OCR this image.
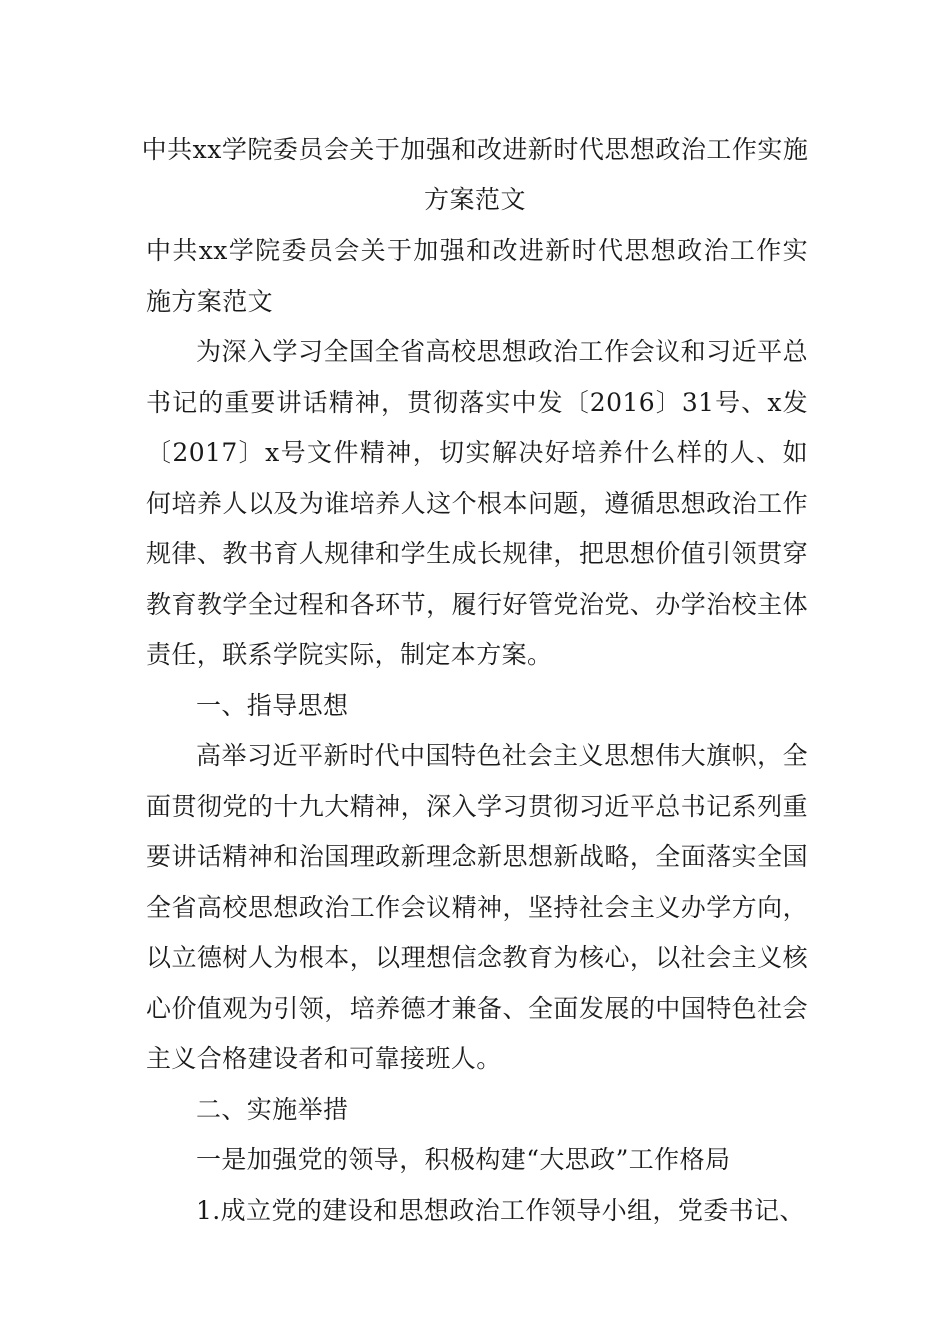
中共xx学院委员会关于加强和改进新时代思想政治工作实施方案范文

中共xx学院委员会关于加强和改进新时代思想政治工作实施方案范文

为深入学习全国全省高校思想政治工作会议和习近平总书记的重要讲话精神，贯彻落实中发〔2016〕31号、x发〔2017〕x号文件精神，切实解决好培养什么样的人、如何培养人以及为谁培养人这个根本问题，遵循思想政治工作规律、教书育人规律和学生成长规律，把思想价值引领贯穿教育教学全过程和各环节，履行好管党治党、办学治校主体责任，联系学院实际，制定本方案。

一、指导思想

高举习近平新时代中国特色社会主义思想伟大旗帜，全面贯彻党的十九大精神，深入学习贯彻习近平总书记系列重要讲话精神和治国理政新理念新思想新战略，全面落实全国全省高校思想政治工作会议精神，坚持社会主义办学方向，以立德树人为根本，以理想信念教育为核心，以社会主义核心价值观为引领，培养德才兼备、全面发展的中国特色社会主义合格建设者和可靠接班人。

二、实施举措

一是加强党的领导，积极构建“大思政”工作格局

1.成立党的建设和思想政治工作领导小组，党委书记、
